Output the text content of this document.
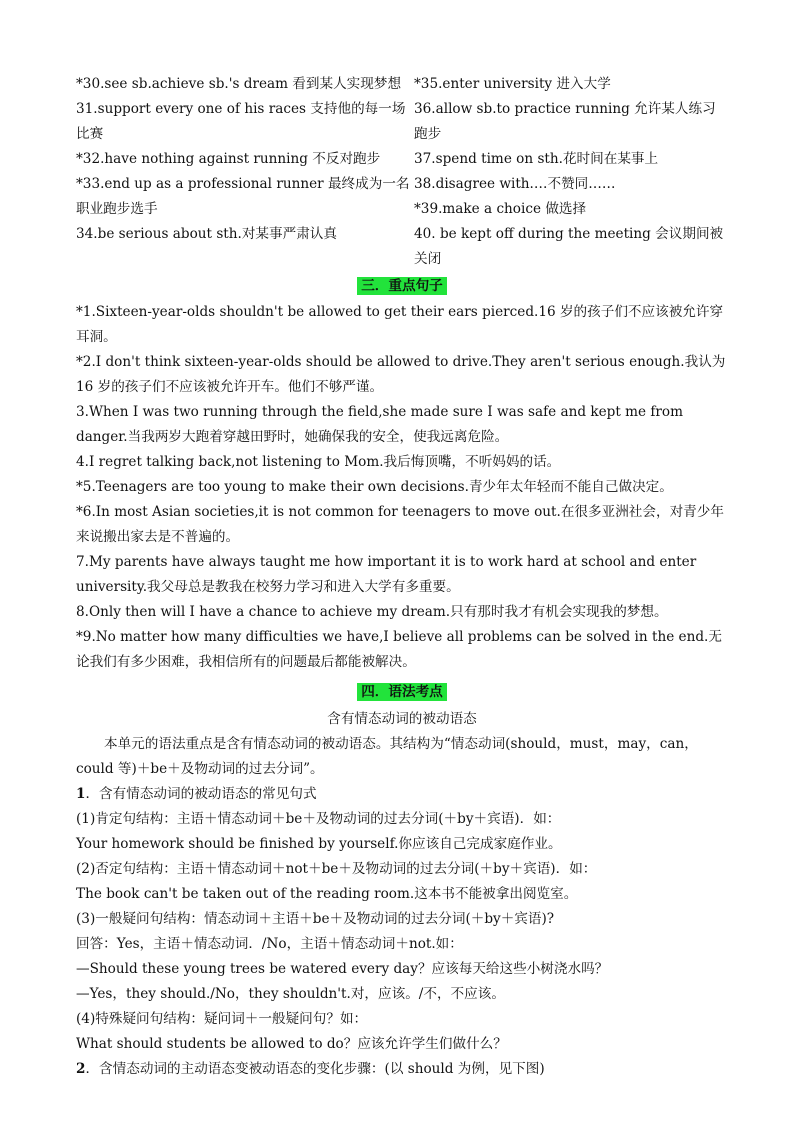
*30.see sb.achieve sb.'s dream 看到某人实现梦想
31.support every one of his races 支持他的每一场比赛
*32.have nothing against running 不反对跑步
*33.end up as a professional runner 最终成为一名职业跑步选手
34.be serious about sth.对某事严肃认真
*35.enter university 进入大学
36.allow sb.to practice running 允许某人练习跑步
37.spend time on sth.花时间在某事上
38.disagree with.…不赞同……
*39.make a choice 做选择
40. be kept off during the meeting 会议期间被关闭
三．重点句子
*1.Sixteen-year-olds shouldn't be allowed to get their ears pierced.16 岁的孩子们不应该被允许穿耳洞。
*2.I don't think sixteen-year-olds should be allowed to drive.They aren't serious enough.我认为 16 岁的孩子们不应该被允许开车。他们不够严谨。
3.When I was two running through the field,she made sure I was safe and kept me from danger.当我两岁大跑着穿越田野时，她确保我的安全，使我远离危险。
4.I regret talking back,not listening to Mom.我后悔顶嘴，不听妈妈的话。
*5.Teenagers are too young to make their own decisions.青少年太年轻而不能自己做决定。
*6.In most Asian societies,it is not common for teenagers to move out.在很多亚洲社会，对青少年来说搬出家去是不普遍的。
7.My parents have always taught me how important it is to work hard at school and enter university.我父母总是教我在校努力学习和进入大学有多重要。
8.Only then will I have a chance to achieve my dream.只有那时我才有机会实现我的梦想。
*9.No matter how many difficulties we have,I believe all problems can be solved in the end.无论我们有多少困难，我相信所有的问题最后都能被解决。
四．语法考点
含有情态动词的被动语态
本单元的语法重点是含有情态动词的被动语态。其结构为“情态动词(should，must，may，can，could 等)＋be＋及物动词的过去分词”。
1．含有情态动词的被动语态的常见句式
(1)肯定句结构：主语＋情态动词＋be＋及物动词的过去分词(＋by＋宾语)．如：
Your homework should be finished by yourself.你应该自己完成家庭作业。
(2)否定句结构：主语＋情态动词＋not＋be＋及物动词的过去分词(＋by＋宾语)．如：
The book can't be taken out of the reading room.这本书不能被拿出阅览室。
(3)一般疑问句结构：情态动词＋主语＋be＋及物动词的过去分词(＋by＋宾语)?
回答：Yes，主语＋情态动词．/No，主语＋情态动词＋not.如：
—Should these young trees be watered every day？应该每天给这些小树浇水吗？
—Yes，they should./No，they shouldn't.对，应该。/不，不应该。
(4)特殊疑问句结构：疑问词＋一般疑问句？如：
What should students be allowed to do？应该允许学生们做什么？
2．含情态动词的主动语态变被动语态的变化步骤：(以 should 为例，见下图)
